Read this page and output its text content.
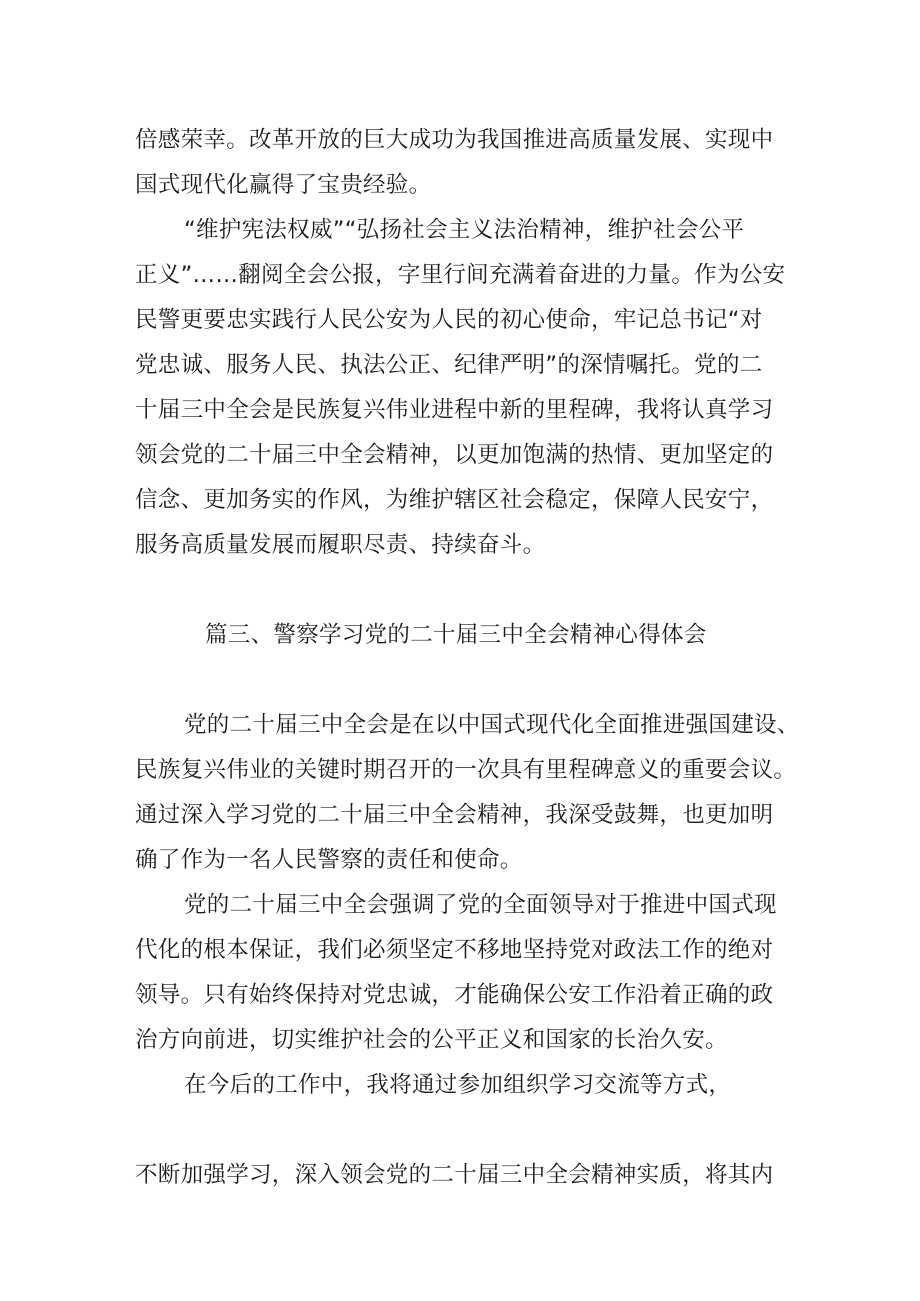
倍感荣幸。改革开放的巨大成功为我国推进高质量发展、实现中
国式现代化赢得了宝贵经验。
“维护宪法权威”“弘扬社会主义法治精神，维护社会公平
正义”……翻阅全会公报，字里行间充满着奋进的力量。作为公安
民警更要忠实践行人民公安为人民的初心使命，牢记总书记“对
党忠诚、服务人民、执法公正、纪律严明”的深情嘱托。党的二
十届三中全会是民族复兴伟业进程中新的里程碑，我将认真学习
领会党的二十届三中全会精神，以更加饱满的热情、更加坚定的
信念、更加务实的作风，为维护辖区社会稳定，保障人民安宁，
服务高质量发展而履职尽责、持续奋斗。
篇三、警察学习党的二十届三中全会精神心得体会
党的二十届三中全会是在以中国式现代化全面推进强国建设、
民族复兴伟业的关键时期召开的一次具有里程碑意义的重要会议。
通过深入学习党的二十届三中全会精神，我深受鼓舞，也更加明
确了作为一名人民警察的责任和使命。
党的二十届三中全会强调了党的全面领导对于推进中国式现
代化的根本保证，我们必须坚定不移地坚持党对政法工作的绝对
领导。只有始终保持对党忠诚，才能确保公安工作沿着正确的政
治方向前进，切实维护社会的公平正义和国家的长治久安。
在今后的工作中，我将通过参加组织学习交流等方式，
不断加强学习，深入领会党的二十届三中全会精神实质，将其内
